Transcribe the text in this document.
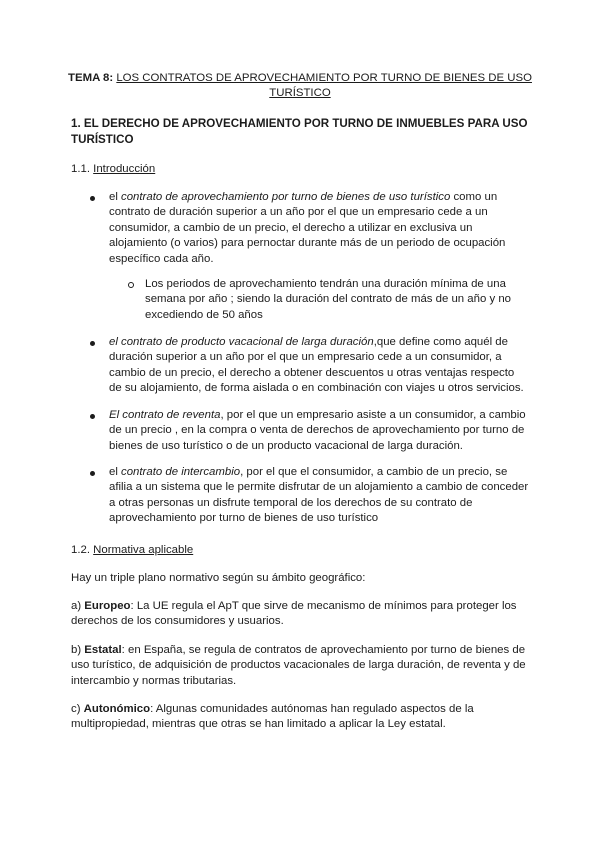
TEMA 8: LOS CONTRATOS DE APROVECHAMIENTO POR TURNO DE BIENES DE USO TURÍSTICO
1. EL DERECHO DE APROVECHAMIENTO POR TURNO DE INMUEBLES PARA USO TURÍSTICO
1.1. Introducción
el contrato de aprovechamiento por turno de bienes de uso turístico como un contrato de duración superior a un año por el que un empresario cede a un consumidor, a cambio de un precio, el derecho a utilizar en exclusiva un alojamiento (o varios) para pernoctar durante más de un periodo de ocupación específico cada año.
Los periodos de aprovechamiento tendrán una duración mínima de una semana por año ; siendo la duración del contrato de más de un año y no excediendo de 50 años
el contrato de producto vacacional de larga duración,que define como aquél de duración superior a un año por el que un empresario cede a un consumidor, a cambio de un precio, el derecho a obtener descuentos u otras ventajas respecto de su alojamiento, de forma aislada o en combinación con viajes u otros servicios.
El contrato de reventa, por el que un empresario asiste a un consumidor, a cambio de un precio , en la compra o venta de derechos de aprovechamiento por turno de bienes de uso turístico o de un producto vacacional de larga duración.
el contrato de intercambio, por el que el consumidor, a cambio de un precio, se afilia a un sistema que le permite disfrutar de un alojamiento a cambio de conceder a otras personas un disfrute temporal de los derechos de su contrato de aprovechamiento por turno de bienes de uso turístico
1.2. Normativa aplicable
Hay un triple plano normativo según su ámbito geográfico:
a) Europeo: La UE regula el ApT que sirve de mecanismo de mínimos para proteger los derechos de los consumidores y usuarios.
b) Estatal: en España, se regula de contratos de aprovechamiento por turno de bienes de uso turístico, de adquisición de productos vacacionales de larga duración, de reventa y de intercambio y normas tributarias.
c) Autonómico: Algunas comunidades autónomas han regulado aspectos de la multipropiedad, mientras que otras se han limitado a aplicar la Ley estatal.
